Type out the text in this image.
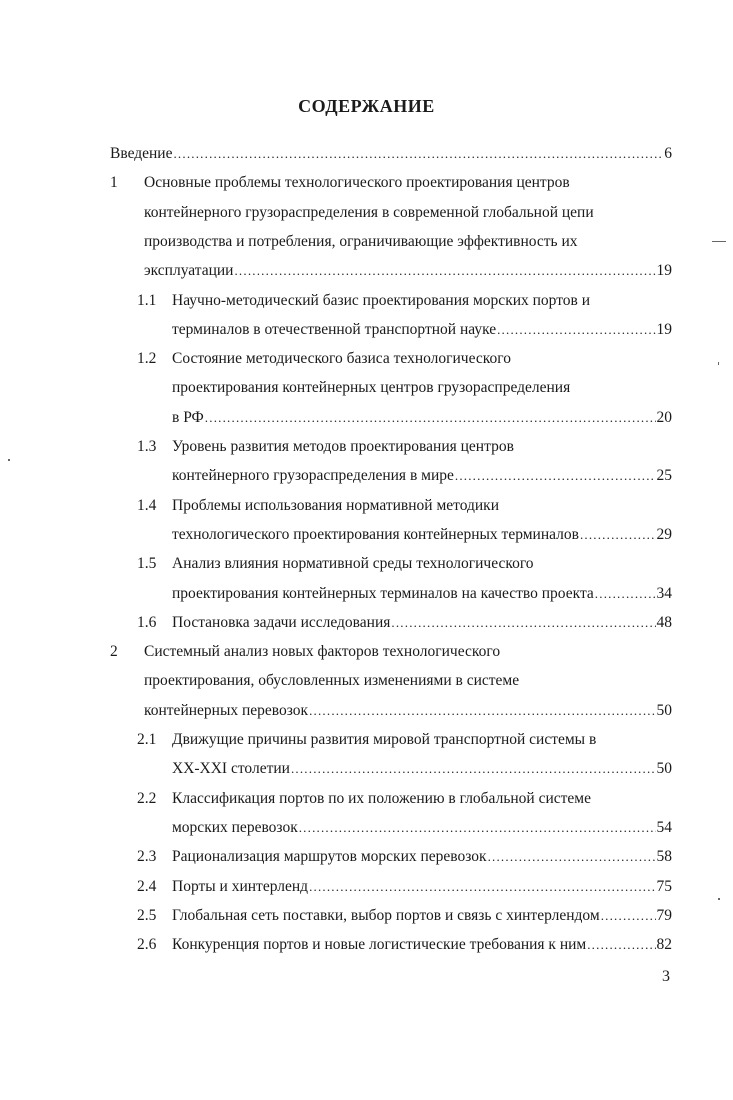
СОДЕРЖАНИЕ
Введение .....	6
1 Основные проблемы технологического проектирования центров
контейнерного грузораспределения в современной глобальной цепи
производства и потребления, ограничивающие эффективность их
эксплуатации .....	19
1.1 Научно-методический базис проектирования морских портов и
терминалов в отечественной транспортной науке .....	19
1.2 Состояние методического базиса технологического
проектирования контейнерных центров грузораспределения
в РФ .....	20
1.3 Уровень развития методов проектирования центров
контейнерного грузораспределения в мире .....	25
1.4 Проблемы использования нормативной методики
технологического проектирования контейнерных терминалов .....	29
1.5 Анализ влияния нормативной среды технологического
проектирования контейнерных терминалов на качество проекта .....	34
1.6 Постановка задачи исследования .....	48
2 Системный анализ новых факторов технологического
проектирования, обусловленных изменениями в системе
контейнерных перевозок .....	50
2.1 Движущие причины развития мировой транспортной системы в
XX-XXI столетии .....	50
2.2 Классификация портов по их положению в глобальной системе
морских перевозок .....	54
2.3 Рационализация маршрутов морских перевозок .....	58
2.4 Порты и хинтерленд .....	75
2.5 Глобальная сеть поставки, выбор портов и связь с хинтерлендом .....	79
2.6 Конкуренция портов и новые логистические требования к ним .....	82
3
